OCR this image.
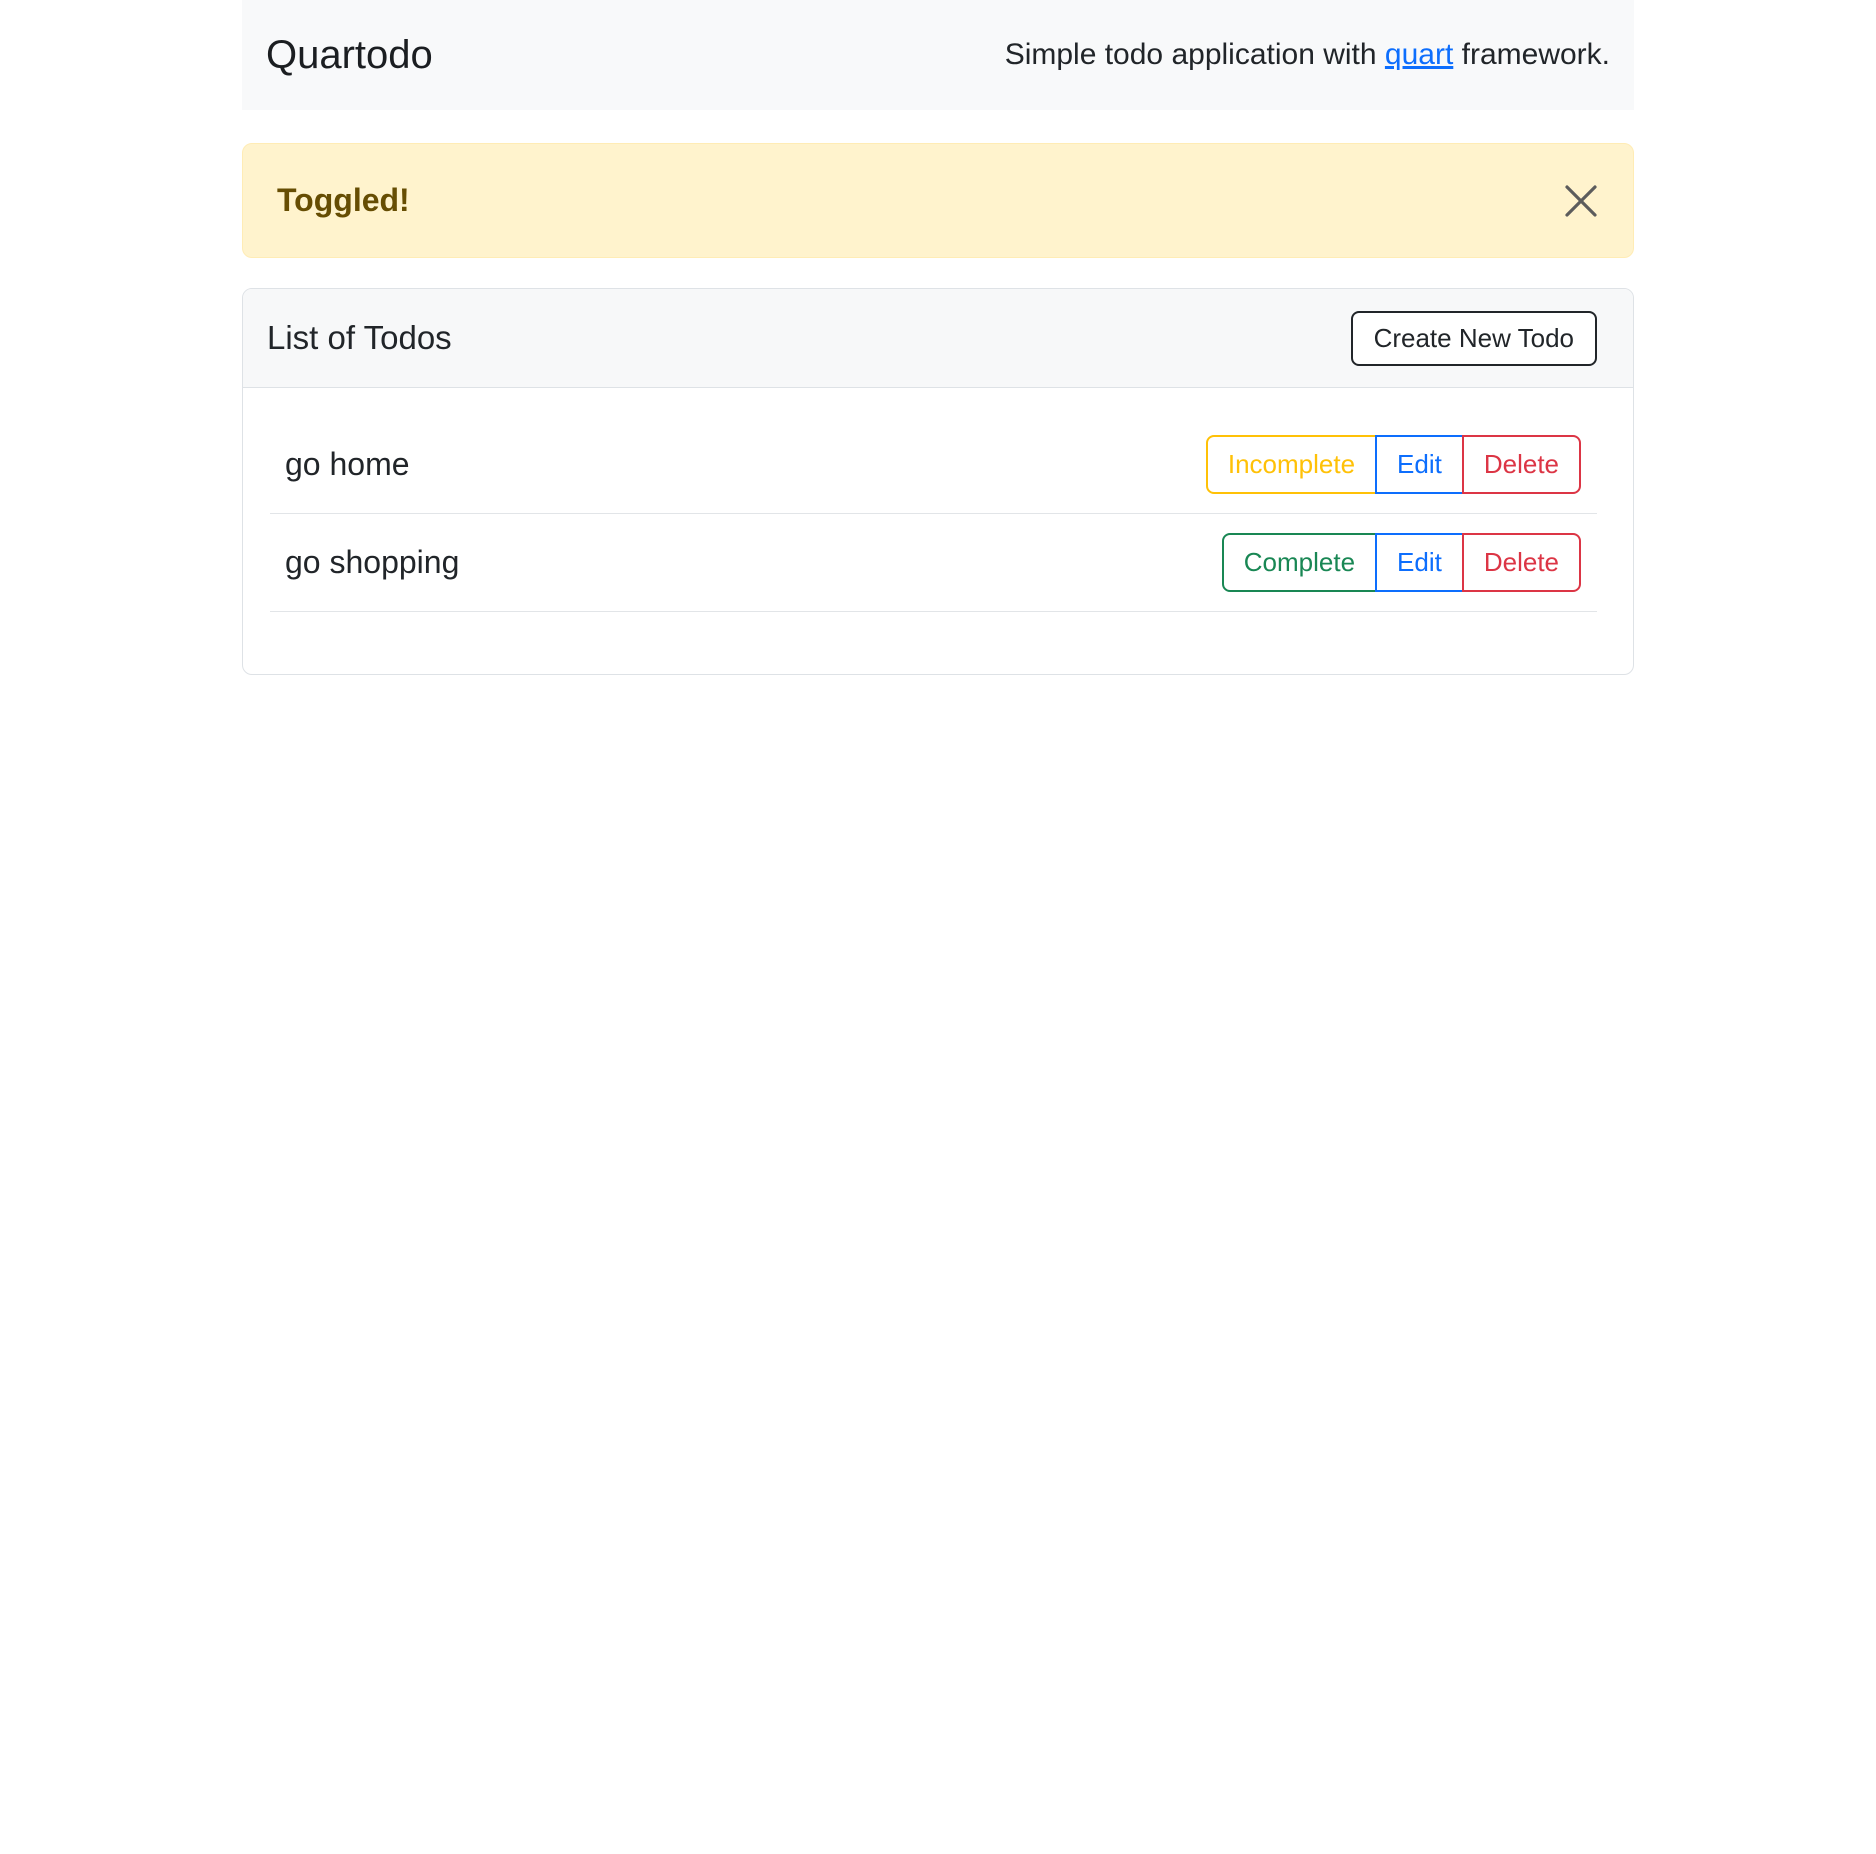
Quartodo	Simple todo application with quart framework.

Toggled!
List of Todos	Create New Todo
go home	Incomplete	Edit	Delete
go shopping	Complete	Edit	Delete
